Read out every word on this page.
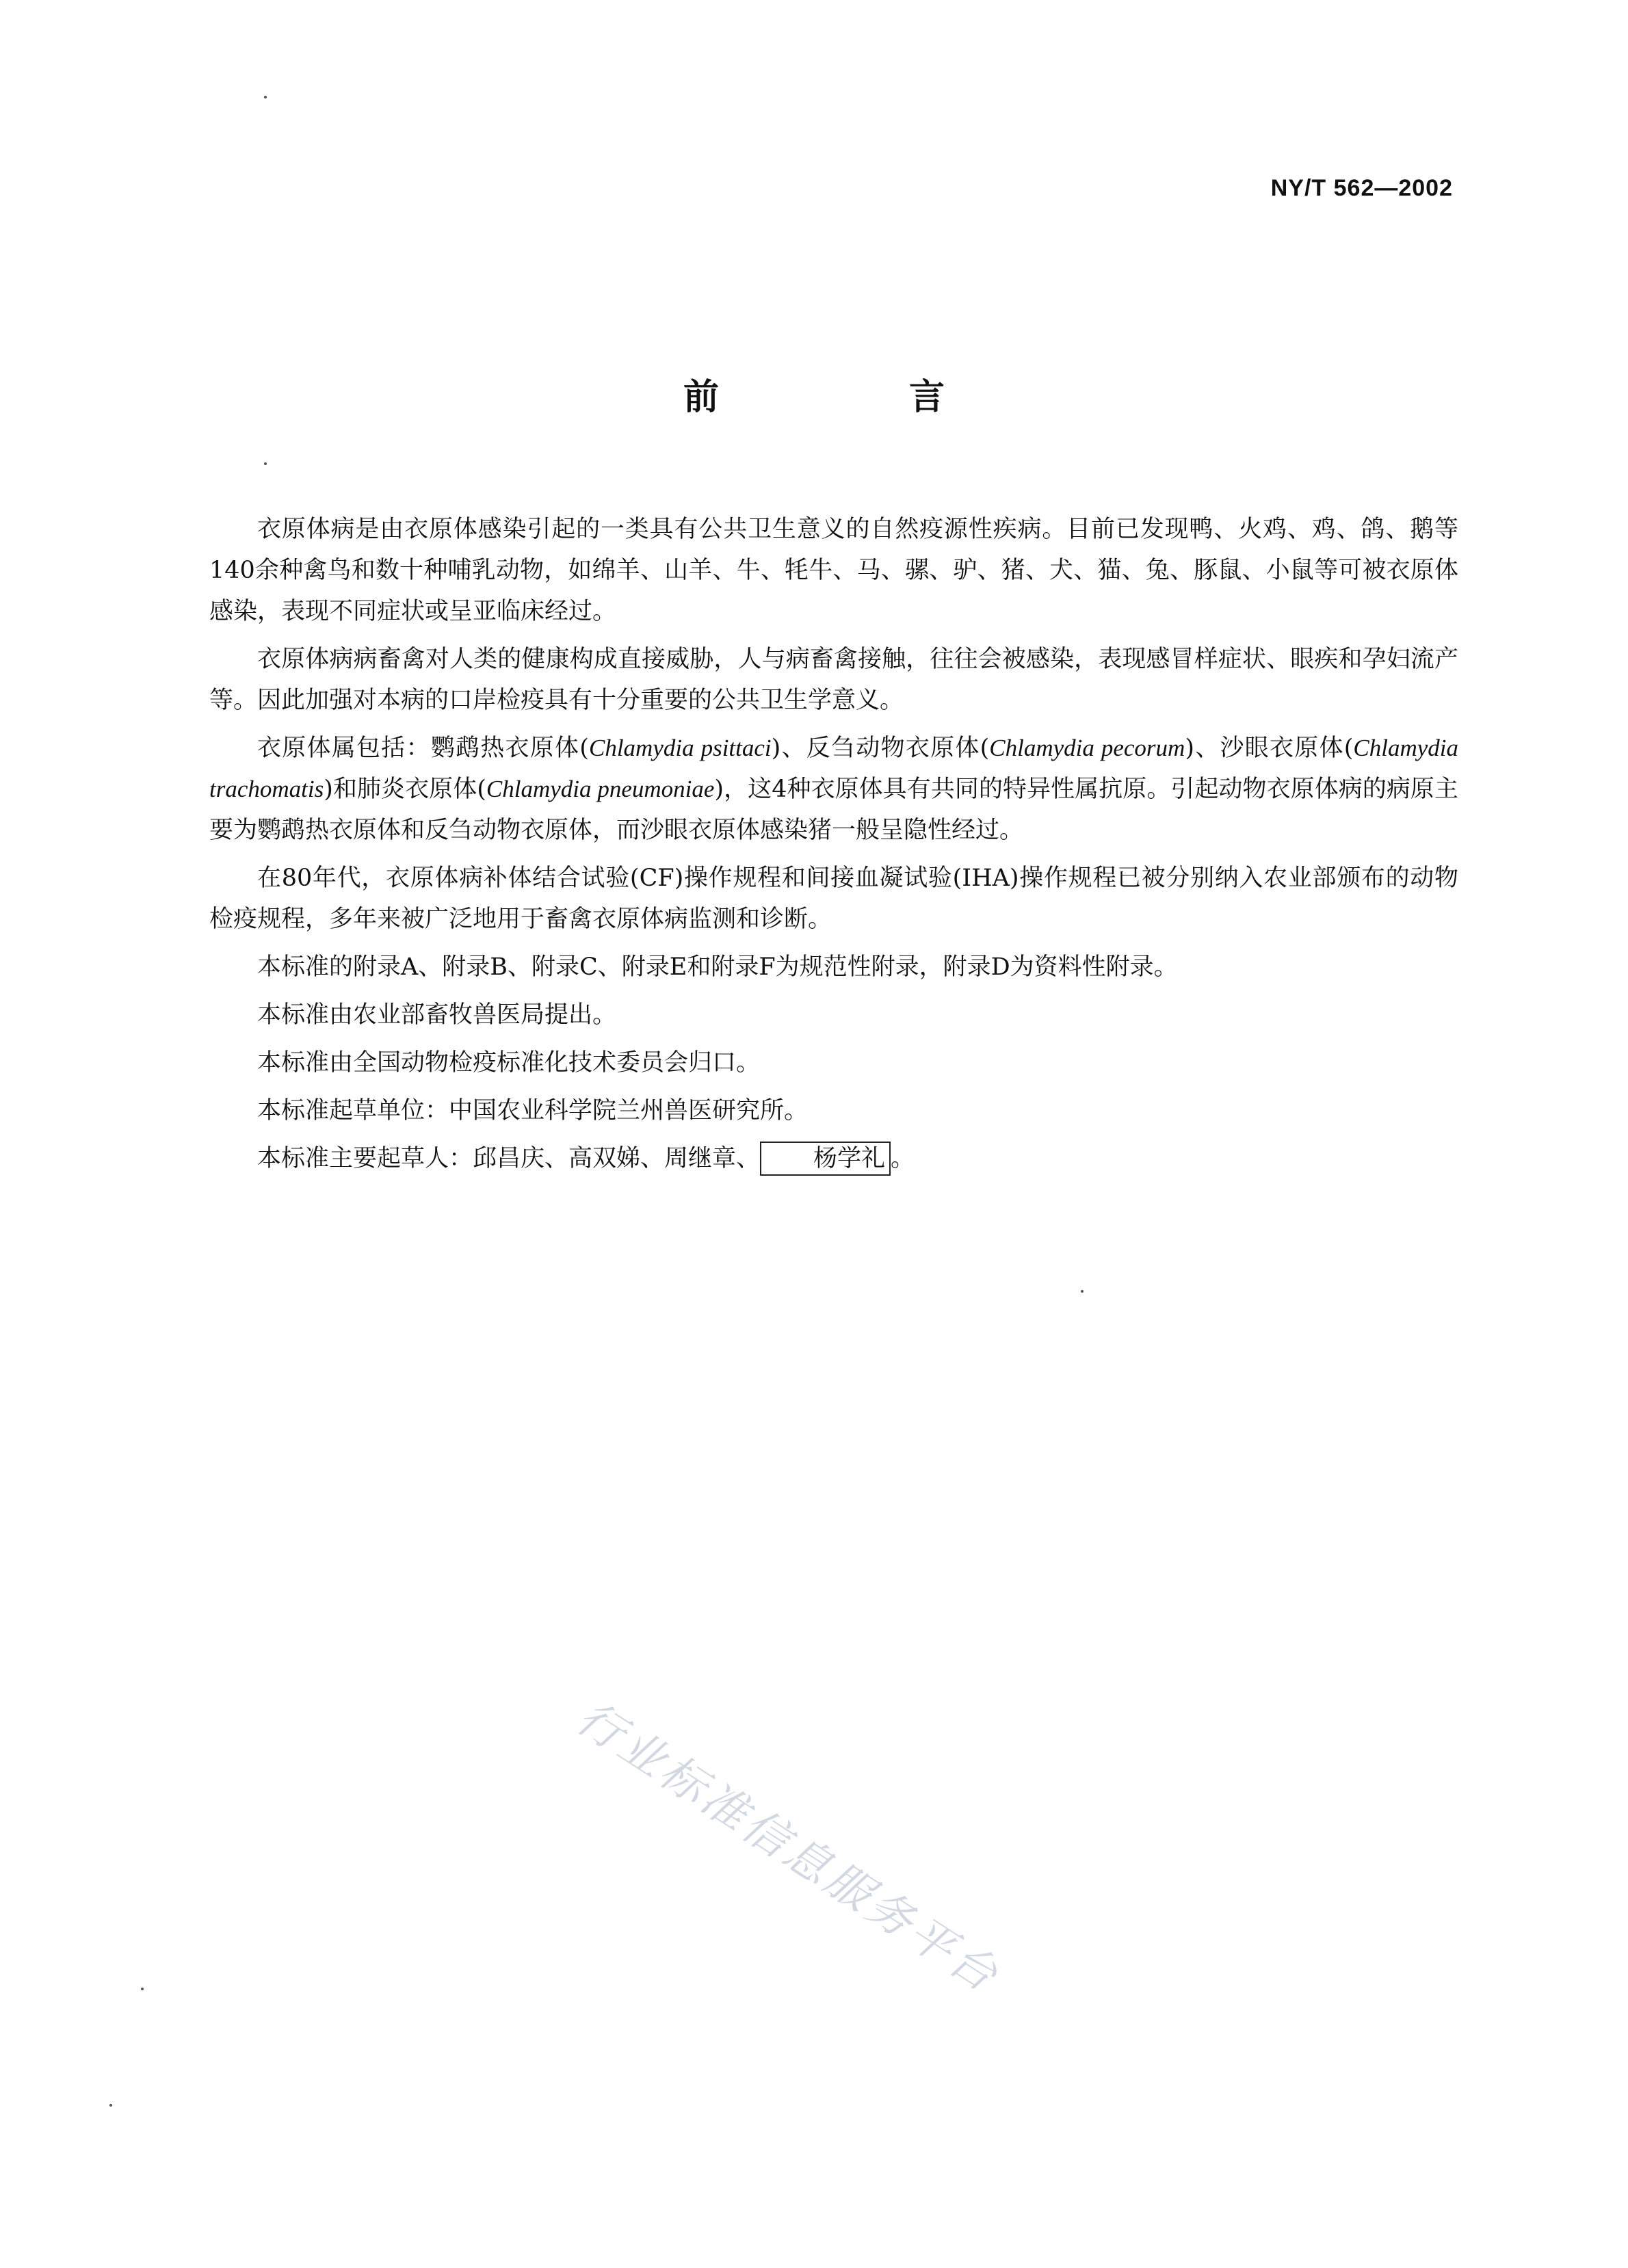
NY/T 562—2002
前 言

衣原体病是由衣原体感染引起的一类具有公共卫生意义的自然疫源性疾病。目前已发现鸭、火鸡、鸡、鸽、鹅等140余种禽鸟和数十种哺乳动物，如绵羊、山羊、牛、牦牛、马、骡、驴、猪、犬、猫、兔、豚鼠、小鼠等可被衣原体感染，表现不同症状或呈亚临床经过。

衣原体病病畜禽对人类的健康构成直接威胁，人与病畜禽接触，往往会被感染，表现感冒样症状、眼疾和孕妇流产等。因此加强对本病的口岸检疫具有十分重要的公共卫生学意义。

衣原体属包括：鹦鹉热衣原体(Chlamydia psittaci)、反刍动物衣原体(Chlamydia pecorum)、沙眼衣原体(Chlamydia trachomatis)和肺炎衣原体(Chlamydia pneumoniae)，这4种衣原体具有共同的特异性属抗原。引起动物衣原体病的病原主要为鹦鹉热衣原体和反刍动物衣原体，而沙眼衣原体感染猪一般呈隐性经过。

在80年代，衣原体病补体结合试验(CF)操作规程和间接血凝试验(IHA)操作规程已被分别纳入农业部颁布的动物检疫规程，多年来被广泛地用于畜禽衣原体病监测和诊断。

本标准的附录A、附录B、附录C、附录E和附录F为规范性附录，附录D为资料性附录。

本标准由农业部畜牧兽医局提出。

本标准由全国动物检疫标准化技术委员会归口。

本标准起草单位：中国农业科学院兰州兽医研究所。

本标准主要起草人：邱昌庆、高双娣、周继章、 杨学礼 。

行业标准信息服务平台
